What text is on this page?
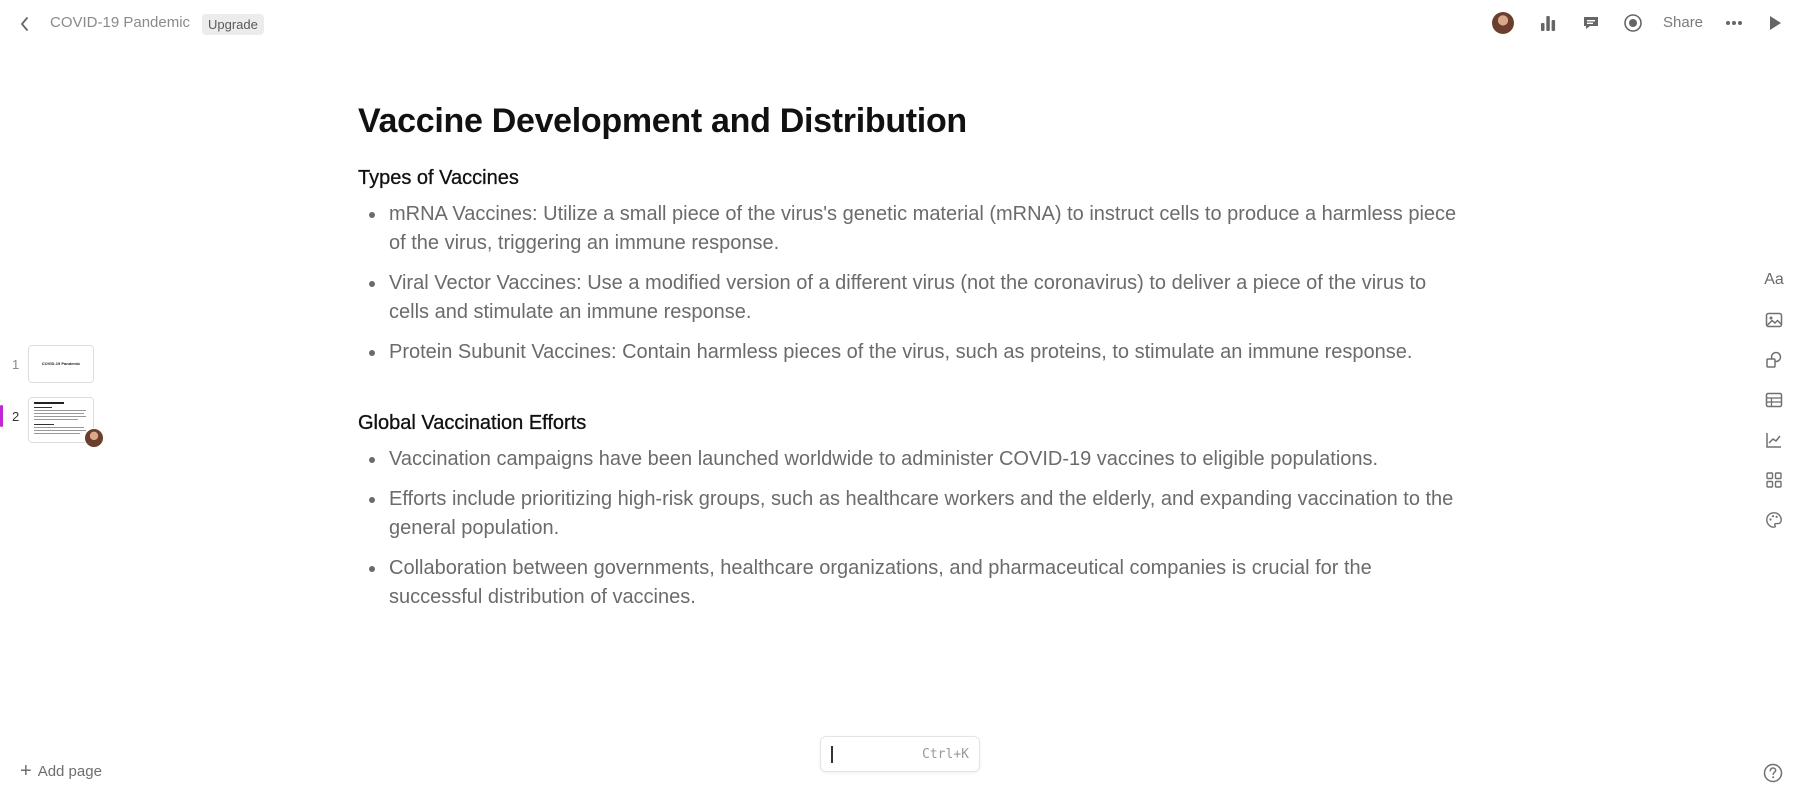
COVID-19 Pandemic	Upgrade	Share
1	COVID-19 Pandemic
2
+ Add page
Vaccine Development and Distribution
Types of Vaccines
mRNA Vaccines: Utilize a small piece of the virus's genetic material (mRNA) to instruct cells to produce a harmless piece of the virus, triggering an immune response.
Viral Vector Vaccines: Use a modified version of a different virus (not the coronavirus) to deliver a piece of the virus to cells and stimulate an immune response.
Protein Subunit Vaccines: Contain harmless pieces of the virus, such as proteins, to stimulate an immune response.
Global Vaccination Efforts
Vaccination campaigns have been launched worldwide to administer COVID-19 vaccines to eligible populations.
Efforts include prioritizing high-risk groups, such as healthcare workers and the elderly, and expanding vaccination to the general population.
Collaboration between governments, healthcare organizations, and pharmaceutical companies is crucial for the successful distribution of vaccines.
Aa
Ctrl+K
